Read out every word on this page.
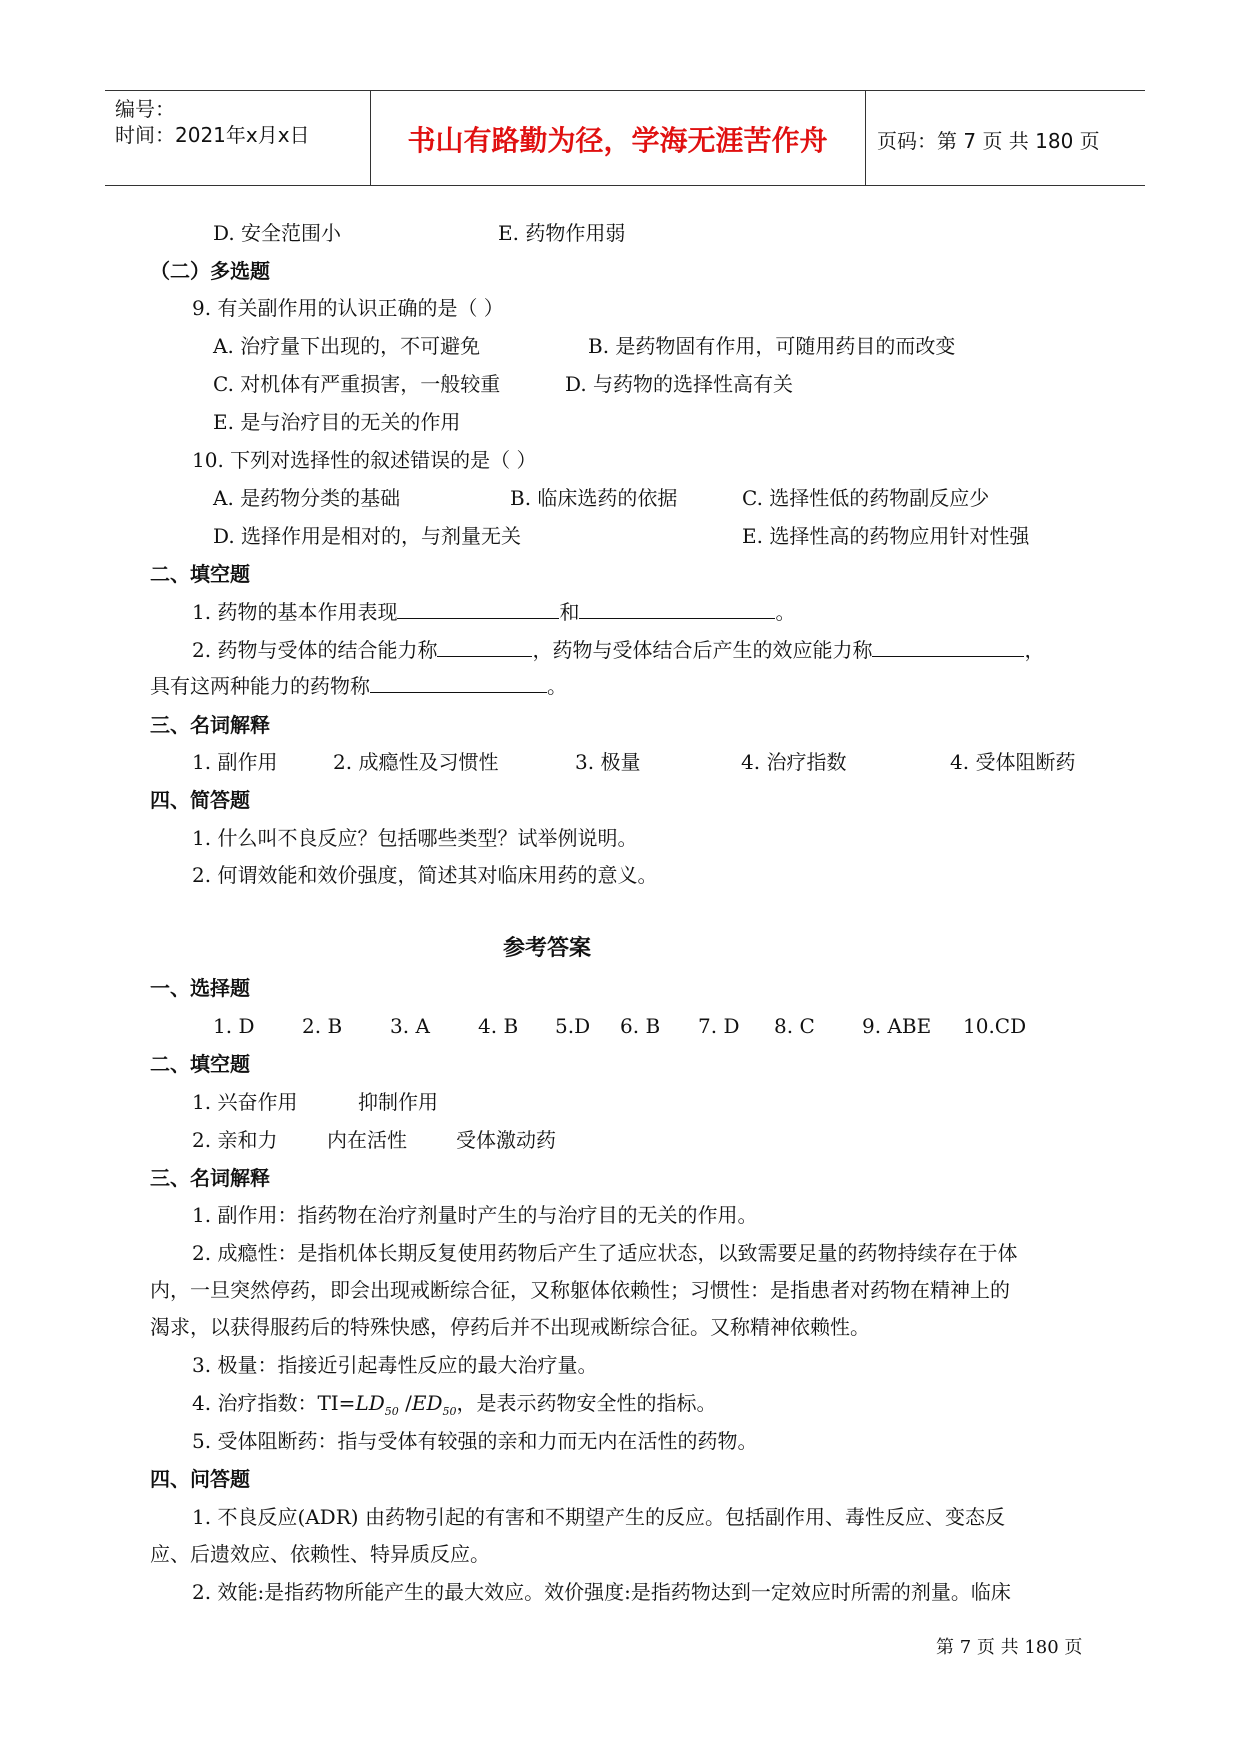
编号：
时间：2021年x月x日	书山有路勤为径，学海无涯苦作舟	页码：第 7 页 共 180 页
D. 安全范围小	E. 药物作用弱
（二）多选题
9. 有关副作用的认识正确的是（ ）
A. 治疗量下出现的，不可避免	B. 是药物固有作用，可随用药目的而改变
C. 对机体有严重损害，一般较重	D. 与药物的选择性高有关
E. 是与治疗目的无关的作用
10. 下列对选择性的叙述错误的是（ ）
A. 是药物分类的基础	B. 临床选药的依据	C. 选择性低的药物副反应少
D. 选择作用是相对的，与剂量无关	E. 选择性高的药物应用针对性强
二、填空题
1. 药物的基本作用表现	和	。
2. 药物与受体的结合能力称	，药物与受体结合后产生的效应能力称	，
具有这两种能力的药物称	。
三、名词解释
1. 副作用	2. 成瘾性及习惯性	3. 极量	4. 治疗指数	4. 受体阻断药
四、简答题
1. 什么叫不良反应？包括哪些类型？试举例说明。
2. 何谓效能和效价强度，简述其对临床用药的意义。
参考答案
一、选择题
1. D 2. B 3. A 4. B 5.D 6. B 7. D 8. C 9. ABE 10.CD
二、填空题
1. 兴奋作用	抑制作用
2. 亲和力 内在活性 受体激动药
三、名词解释
1. 副作用：指药物在治疗剂量时产生的与治疗目的无关的作用。
2. 成瘾性：是指机体长期反复使用药物后产生了适应状态，以致需要足量的药物持续存在于体
内，一旦突然停药，即会出现戒断综合征，又称躯体依赖性；习惯性：是指患者对药物在精神上的
渴求，以获得服药后的特殊快感，停药后并不出现戒断综合征。又称精神依赖性。
3. 极量：指接近引起毒性反应的最大治疗量。
4. 治疗指数：$TI=LD_{50}$ $/ED_{50}$，是表示药物安全性的指标。
5. 受体阻断药：指与受体有较强的亲和力而无内在活性的药物。
四、问答题
1. 不良反应(ADR) 由药物引起的有害和不期望产生的反应。包括副作用、毒性反应、变态反
应、后遗效应、依赖性、特异质反应。
2. 效能:是指药物所能产生的最大效应。效价强度:是指药物达到一定效应时所需的剂量。临床
第 7 页 共 180 页
